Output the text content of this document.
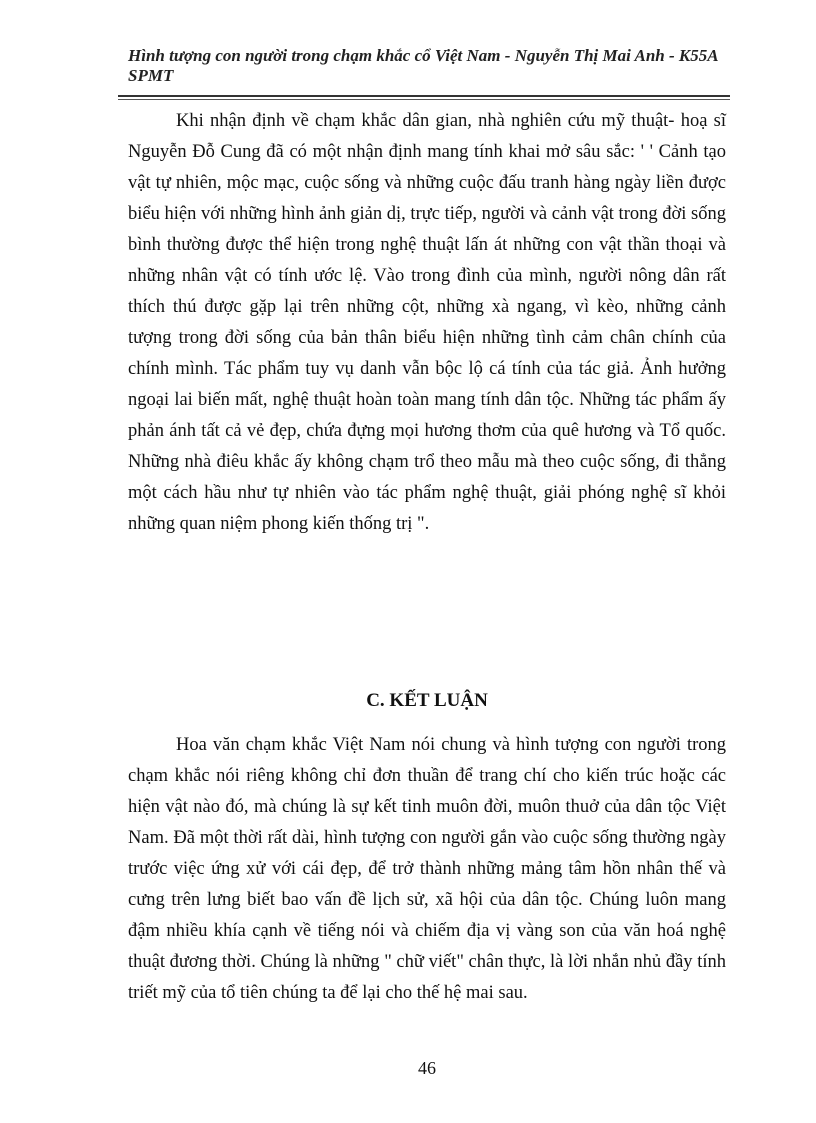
Hình tượng con người trong chạm khắc cổ Việt Nam - Nguyễn Thị Mai Anh - K55A SPMT

Khi nhận định về chạm khắc dân gian, nhà nghiên cứu mỹ thuật- hoạ sĩ Nguyễn Đỗ Cung đã có một nhận định mang tính khai mở sâu sắc: ' ' Cảnh tạo vật tự nhiên, mộc mạc, cuộc sống và những cuộc đấu tranh hàng ngày liền được biểu hiện với những hình ảnh giản dị, trực tiếp, người và cảnh vật trong đời sống bình thường được thể hiện trong nghệ thuật lấn át những con vật thần thoại và những nhân vật có tính ước lệ. Vào trong đình của mình, người nông dân rất thích thú được gặp lại trên những cột, những xà ngang, vì kèo, những cảnh tượng trong đời sống của bản thân biểu hiện những tình cảm chân chính của chính mình. Tác phẩm tuy vụ danh vẫn bộc lộ cá tính của tác giả. Ảnh hưởng ngoại lai biến mất, nghệ thuật hoàn toàn mang tính dân tộc. Những tác phẩm ấy phản ánh tất cả vẻ đẹp, chứa đựng mọi hương thơm của quê hương và Tổ quốc. Những nhà điêu khắc ấy không chạm trổ theo mẫu mà theo cuộc sống, đi thẳng một cách hầu như tự nhiên vào tác phẩm nghệ thuật, giải phóng nghệ sĩ khỏi những quan niệm phong kiến thống trị ".

C. KẾT LUẬN

Hoa văn chạm khắc Việt Nam nói chung và hình tượng con người trong chạm khắc nói riêng không chỉ đơn thuần để trang chí cho kiến trúc hoặc các hiện vật nào đó, mà chúng là sự kết tinh muôn đời, muôn thuở của dân tộc Việt Nam. Đã một thời rất dài, hình tượng con người gắn vào cuộc sống thường ngày trước việc ứng xử với cái đẹp, để trở thành những mảng tâm hồn nhân thế và cưng trên lưng biết bao vấn đề lịch sử, xã hội của dân tộc. Chúng luôn mang đậm nhiều khía cạnh về tiếng nói và chiếm địa vị vàng son của văn hoá nghệ thuật đương thời. Chúng là những " chữ viết" chân thực, là lời nhắn nhủ đầy tính triết mỹ của tổ tiên chúng ta để lại cho thế hệ mai sau.

46
